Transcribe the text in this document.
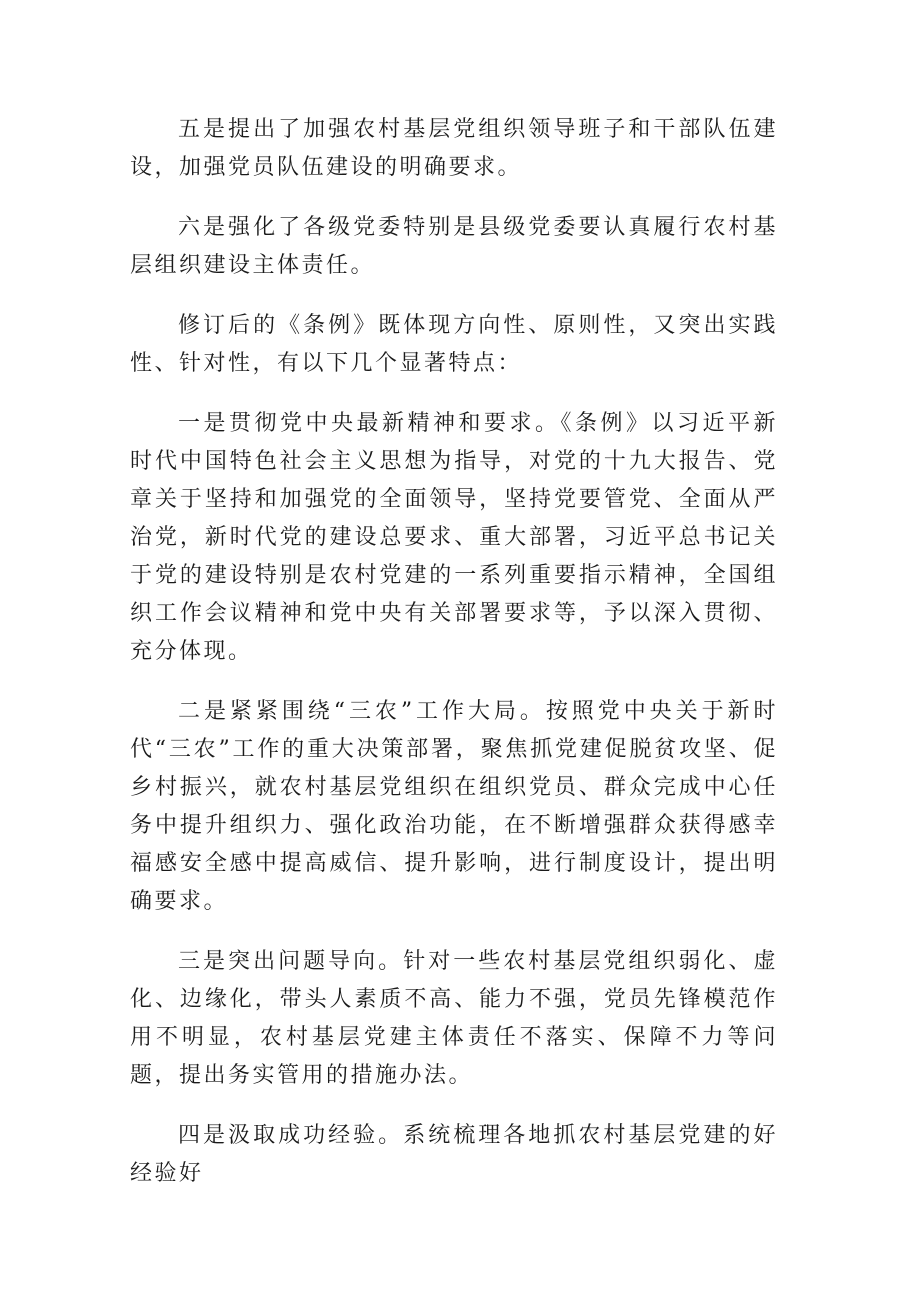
五是提出了加强农村基层党组织领导班子和干部队伍建设，加强党员队伍建设的明确要求。

六是强化了各级党委特别是县级党委要认真履行农村基层组织建设主体责任。

修订后的《条例》既体现方向性、原则性，又突出实践性、针对性，有以下几个显著特点：

一是贯彻党中央最新精神和要求。《条例》以习近平新时代中国特色社会主义思想为指导，对党的十九大报告、党章关于坚持和加强党的全面领导，坚持党要管党、全面从严治党，新时代党的建设总要求、重大部署，习近平总书记关于党的建设特别是农村党建的一系列重要指示精神，全国组织工作会议精神和党中央有关部署要求等，予以深入贯彻、充分体现。

二是紧紧围绕“三农”工作大局。按照党中央关于新时代“三农”工作的重大决策部署，聚焦抓党建促脱贫攻坚、促乡村振兴，就农村基层党组织在组织党员、群众完成中心任务中提升组织力、强化政治功能，在不断增强群众获得感幸福感安全感中提高威信、提升影响，进行制度设计，提出明确要求。

三是突出问题导向。针对一些农村基层党组织弱化、虚化、边缘化，带头人素质不高、能力不强，党员先锋模范作用不明显，农村基层党建主体责任不落实、保障不力等问题，提出务实管用的措施办法。

四是汲取成功经验。系统梳理各地抓农村基层党建的好经验好
